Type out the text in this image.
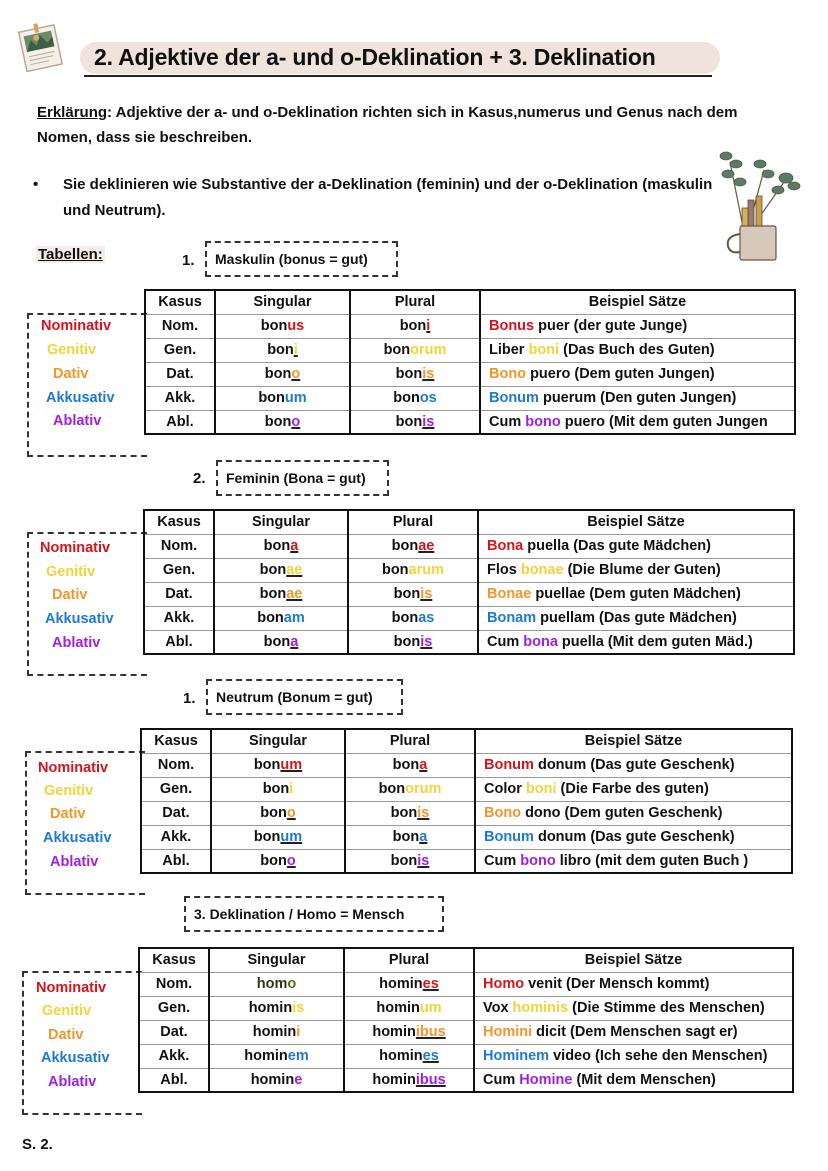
2. Adjektive der a- und o-Deklination + 3. Deklination
Erklärung: Adjektive der a- und o-Deklination richten sich in Kasus,numerus und Genus nach dem Nomen, dass sie beschreiben.
•	Sie deklinieren wie Substantive der a-Deklination (feminin) und der o-Deklination (maskulin und Neutrum).
Tabellen:	1.	Maskulin (bonus = gut)
Nominativ
Genitiv
Dativ
Akkusativ
Ablativ
Kasus	Singular	Plural	Beispiel Sätze
Nom.	bonus	boni	Bonus puer (der gute Junge)
Gen.	boni	bonorum	Liber boni (Das Buch des Guten)
Dat.	bono	bonis	Bono puero (Dem guten Jungen)
Akk.	bonum	bonos	Bonum puerum (Den guten Jungen)
Abl.	bono	bonis	Cum bono puero (Mit dem guten Jungen
2.	Feminin (Bona = gut)
Nominativ
Genitiv
Dativ
Akkusativ
Ablativ
Kasus	Singular	Plural	Beispiel Sätze
Nom.	bona	bonae	Bona puella (Das gute Mädchen)
Gen.	bonae	bonarum	Flos bonae (Die Blume der Guten)
Dat.	bonae	bonis	Bonae puellae (Dem guten Mädchen)
Akk.	bonam	bonas	Bonam puellam (Das gute Mädchen)
Abl.	bona	bonis	Cum bona puella (Mit dem guten Mäd.)
1.	Neutrum (Bonum = gut)
Nominativ
Genitiv
Dativ
Akkusativ
Ablativ
Kasus	Singular	Plural	Beispiel Sätze
Nom.	bonum	bona	Bonum donum (Das gute Geschenk)
Gen.	boni	bonorum	Color boni (Die Farbe des guten)
Dat.	bono	bonis	Bono dono (Dem guten Geschenk)
Akk.	bonum	bona	Bonum donum (Das gute Geschenk)
Abl.	bono	bonis	Cum bono libro (mit dem guten Buch )
3. Deklination / Homo = Mensch
Nominativ
Genitiv
Dativ
Akkusativ
Ablativ
Kasus	Singular	Plural	Beispiel Sätze
Nom.	homo	homines	Homo venit (Der Mensch kommt)
Gen.	hominis	hominum	Vox hominis (Die Stimme des Menschen)
Dat.	homini	hominibus	Homini dicit (Dem Menschen sagt er)
Akk.	hominem	homines	Hominem video (Ich sehe den Menschen)
Abl.	homine	hominibus	Cum Homine (Mit dem Menschen)
S. 2.
